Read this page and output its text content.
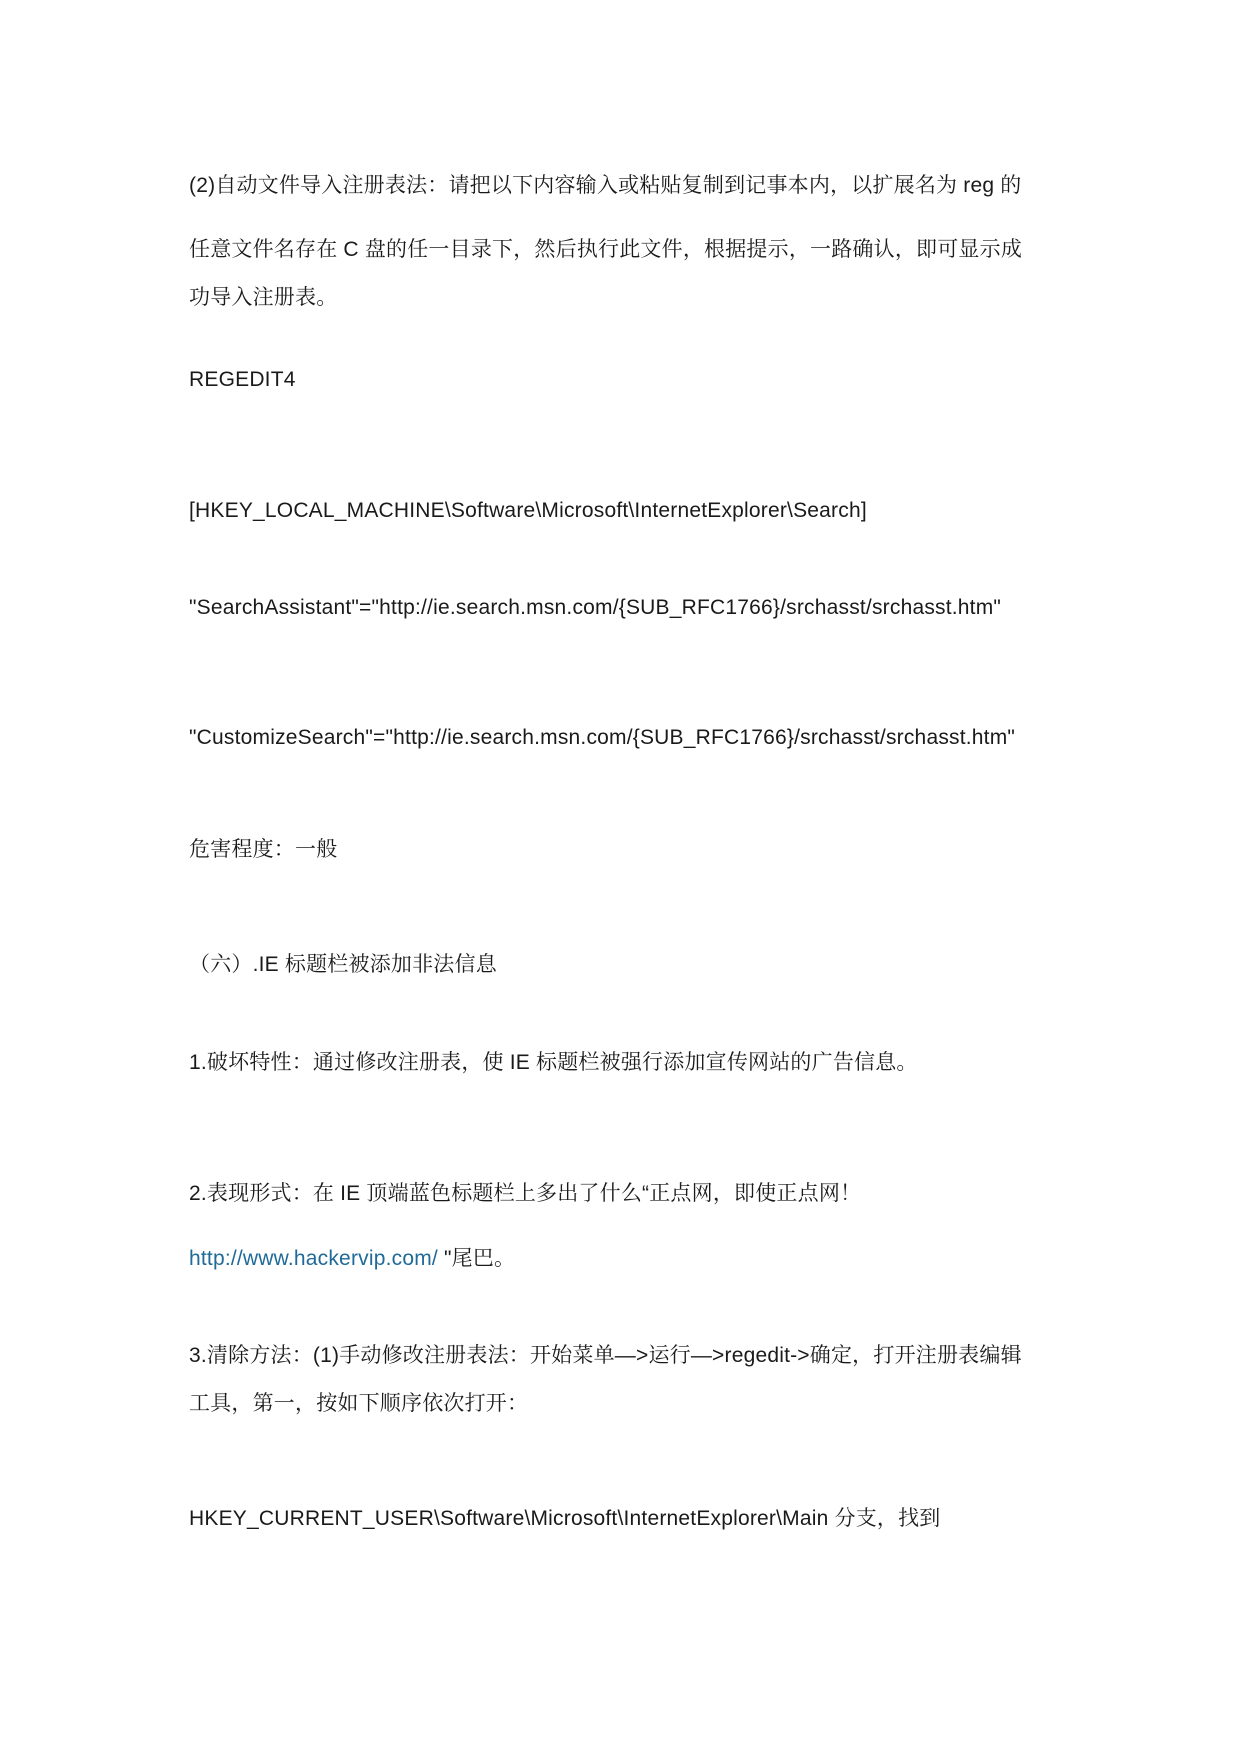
(2)自动文件导入注册表法：请把以下内容输入或粘贴复制到记事本内，以扩展名为 reg 的
任意文件名存在 C 盘的任一目录下，然后执行此文件，根据提示，一路确认，即可显示成
功导入注册表。
REGEDIT4
[HKEY_LOCAL_MACHINE\Software\Microsoft\InternetExplorer\Search]
"SearchAssistant"="http://ie.search.msn.com/{SUB_RFC1766}/srchasst/srchasst.htm"
"CustomizeSearch"="http://ie.search.msn.com/{SUB_RFC1766}/srchasst/srchasst.htm"
危害程度：一般
（六）.IE 标题栏被添加非法信息
1.破坏特性：通过修改注册表，使 IE 标题栏被强行添加宣传网站的广告信息。
2.表现形式：在 IE 顶端蓝色标题栏上多出了什么“正点网，即使正点网！
http://www.hackervip.com/ "尾巴。
3.清除方法：(1)手动修改注册表法：开始菜单—>运行—>regedit->确定，打开注册表编辑
工具，第一，按如下顺序依次打开：
HKEY_CURRENT_USER\Software\Microsoft\InternetExplorer\Main 分支，找到
